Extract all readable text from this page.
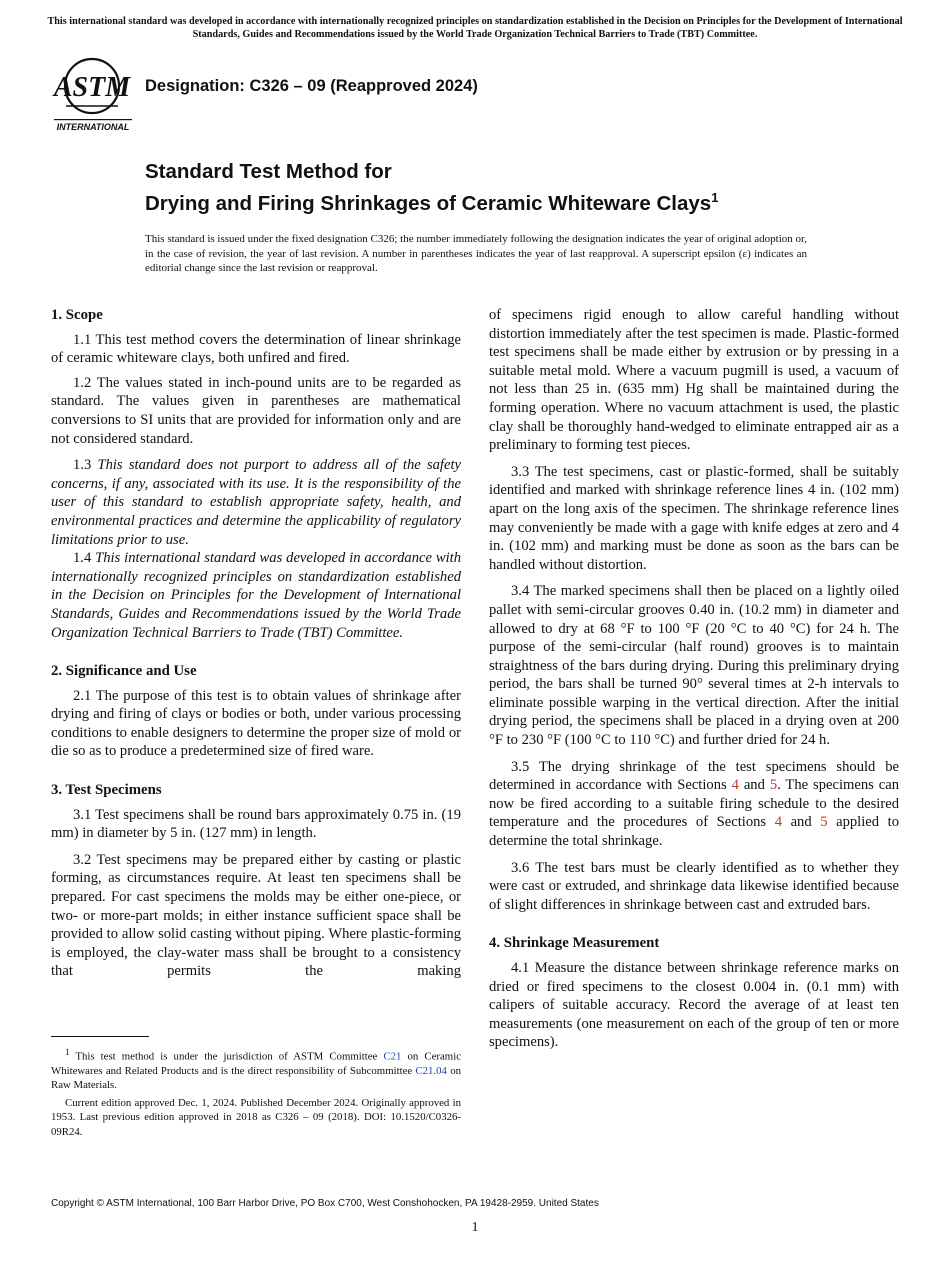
This international standard was developed in accordance with internationally recognized principles on standardization established in the Decision on Principles for the Development of International Standards, Guides and Recommendations issued by the World Trade Organization Technical Barriers to Trade (TBT) Committee.
ASTM
INTERNATIONAL
Designation: C326 – 09 (Reapproved 2024)
Standard Test Method for
Drying and Firing Shrinkages of Ceramic Whiteware Clays$^1$
This standard is issued under the fixed designation C326; the number immediately following the designation indicates the year of original adoption or, in the case of revision, the year of last revision. A number in parentheses indicates the year of last reapproval. A superscript epsilon (ε) indicates an editorial change since the last revision or reapproval.
1. Scope

1.1 This test method covers the determination of linear shrinkage of ceramic whiteware clays, both unfired and fired.

1.2 The values stated in inch-pound units are to be regarded as standard. The values given in parentheses are mathematical conversions to SI units that are provided for information only and are not considered standard.

1.3 This standard does not purport to address all of the safety concerns, if any, associated with its use. It is the responsibility of the user of this standard to establish appropriate safety, health, and environmental practices and determine the applicability of regulatory limitations prior to use.

1.4 This international standard was developed in accordance with internationally recognized principles on standardization established in the Decision on Principles for the Development of International Standards, Guides and Recommendations issued by the World Trade Organization Technical Barriers to Trade (TBT) Committee.

2. Significance and Use

2.1 The purpose of this test is to obtain values of shrinkage after drying and firing of clays or bodies or both, under various processing conditions to enable designers to determine the proper size of mold or die so as to produce a predetermined size of fired ware.

3. Test Specimens

3.1 Test specimens shall be round bars approximately 0.75 in. (19 mm) in diameter by 5 in. (127 mm) in length.

3.2 Test specimens may be prepared either by casting or plastic forming, as circumstances require. At least ten specimens shall be prepared. For cast specimens the molds may be either one-piece, or two- or more-part molds; in either instance sufficient space shall be provided to allow solid casting without piping. Where plastic-forming is employed, the clay-water mass shall be brought to a consistency that permits the making

$^1$ This test method is under the jurisdiction of ASTM Committee C21 on Ceramic Whitewares and Related Products and is the direct responsibility of Subcommittee C21.04 on Raw Materials.

Current edition approved Dec. 1, 2024. Published December 2024. Originally approved in 1953. Last previous edition approved in 2018 as C326 – 09 (2018). DOI: 10.1520/C0326-09R24.

of specimens rigid enough to allow careful handling without distortion immediately after the test specimen is made. Plastic-formed test specimens shall be made either by extrusion or by pressing in a suitable metal mold. Where a vacuum pugmill is used, a vacuum of not less than 25 in. (635 mm) Hg shall be maintained during the forming operation. Where no vacuum attachment is used, the plastic clay shall be thoroughly hand-wedged to eliminate entrapped air as a preliminary to forming test pieces.

3.3 The test specimens, cast or plastic-formed, shall be suitably identified and marked with shrinkage reference lines 4 in. (102 mm) apart on the long axis of the specimen. The shrinkage reference lines may conveniently be made with a gage with knife edges at zero and 4 in. (102 mm) and marking must be done as soon as the bars can be handled without distortion.

3.4 The marked specimens shall then be placed on a lightly oiled pallet with semi-circular grooves 0.40 in. (10.2 mm) in diameter and allowed to dry at 68 °F to 100 °F (20 °C to 40 °C) for 24 h. The purpose of the semi-circular (half round) grooves is to maintain straightness of the bars during drying. During this preliminary drying period, the bars shall be turned 90° several times at 2-h intervals to eliminate possible warping in the vertical direction. After the initial drying period, the specimens shall be placed in a drying oven at 200 °F to 230 °F (100 °C to 110 °C) and further dried for 24 h.

3.5 The drying shrinkage of the test specimens should be determined in accordance with Sections 4 and 5. The specimens can now be fired according to a suitable firing schedule to the desired temperature and the procedures of Sections 4 and 5 applied to determine the total shrinkage.

3.6 The test bars must be clearly identified as to whether they were cast or extruded, and shrinkage data likewise identified because of slight differences in shrinkage between cast and extruded bars.

4. Shrinkage Measurement

4.1 Measure the distance between shrinkage reference marks on dried or fired specimens to the closest 0.004 in. (0.1 mm) with calipers of suitable accuracy. Record the average of at least ten measurements (one measurement on each of the group of ten or more specimens).

Copyright © ASTM International, 100 Barr Harbor Drive, PO Box C700, West Conshohocken, PA 19428-2959. United States
1
